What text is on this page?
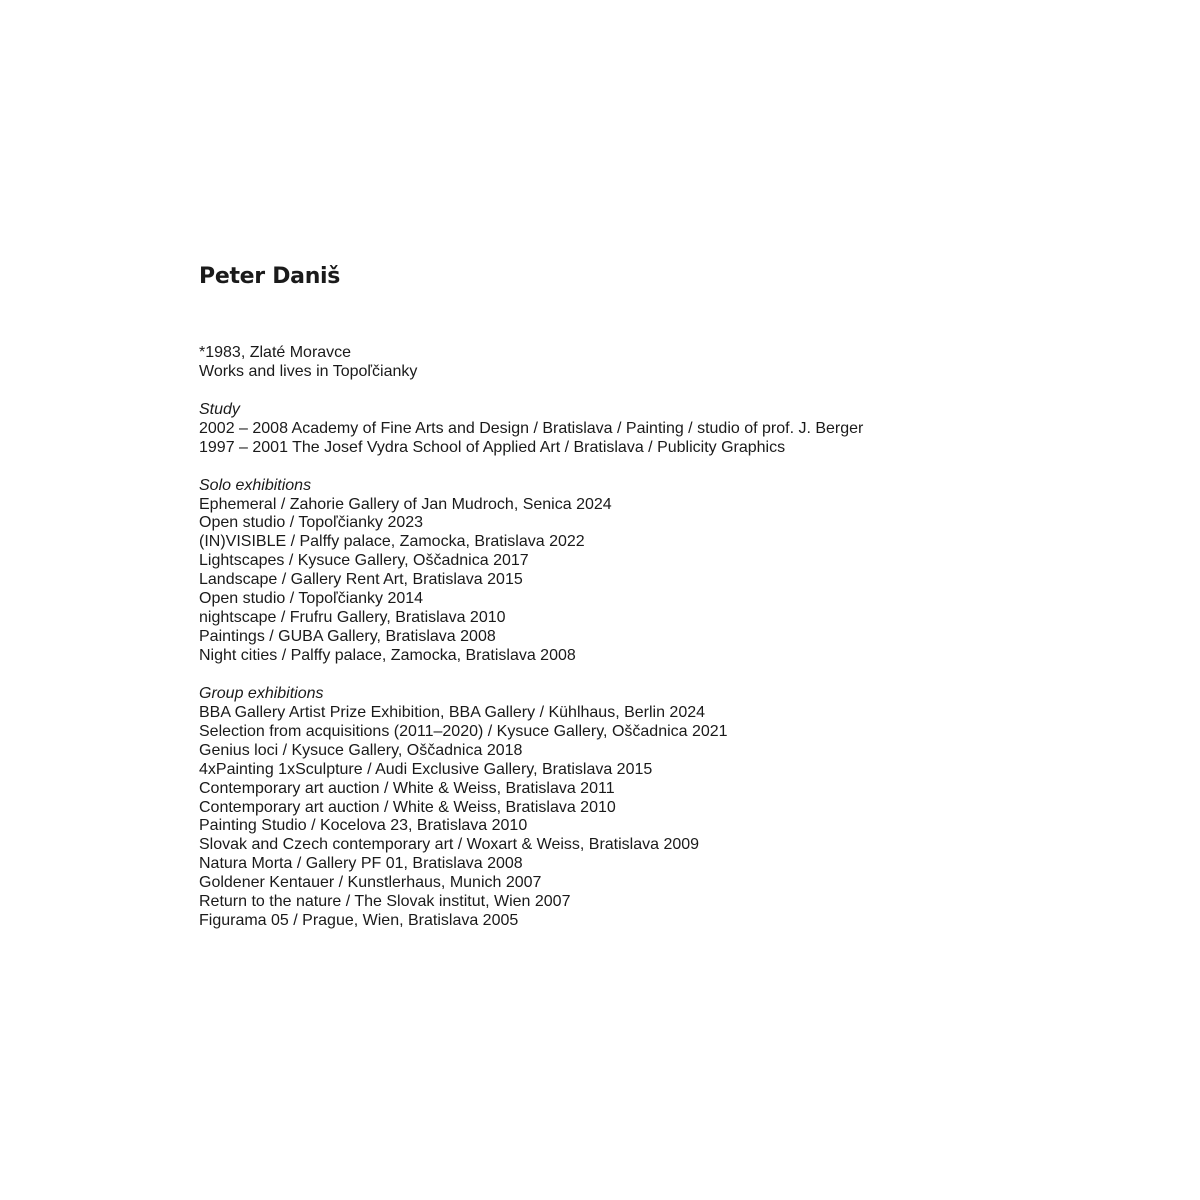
Peter Daniš
*1983, Zlaté Moravce
Works and lives in Topoľčianky
Study
2002 – 2008 Academy of Fine Arts and Design / Bratislava / Painting / studio of prof. J. Berger
1997 – 2001 The Josef Vydra School of Applied Art / Bratislava / Publicity Graphics
Solo exhibitions
Ephemeral / Zahorie Gallery of Jan Mudroch, Senica 2024
Open studio / Topoľčianky 2023
(IN)VISIBLE / Palffy palace, Zamocka, Bratislava 2022
Lightscapes / Kysuce Gallery, Oščadnica 2017
Landscape / Gallery Rent Art, Bratislava 2015
Open studio / Topoľčianky 2014
nightscape / Frufru Gallery, Bratislava 2010
Paintings / GUBA Gallery, Bratislava 2008
Night cities / Palffy palace, Zamocka, Bratislava 2008
Group exhibitions
BBA Gallery Artist Prize Exhibition, BBA Gallery / Kühlhaus, Berlin 2024
Selection from acquisitions (2011–2020) / Kysuce Gallery, Oščadnica 2021
Genius loci / Kysuce Gallery, Oščadnica 2018
4xPainting 1xSculpture / Audi Exclusive Gallery, Bratislava 2015
Contemporary art auction / White & Weiss, Bratislava 2011
Contemporary art auction / White & Weiss, Bratislava 2010
Painting Studio / Kocelova 23, Bratislava 2010
Slovak and Czech contemporary art / Woxart & Weiss, Bratislava 2009
Natura Morta / Gallery PF 01, Bratislava 2008
Goldener Kentauer / Kunstlerhaus, Munich 2007
Return to the nature / The Slovak institut, Wien 2007
Figurama 05 / Prague, Wien, Bratislava 2005
